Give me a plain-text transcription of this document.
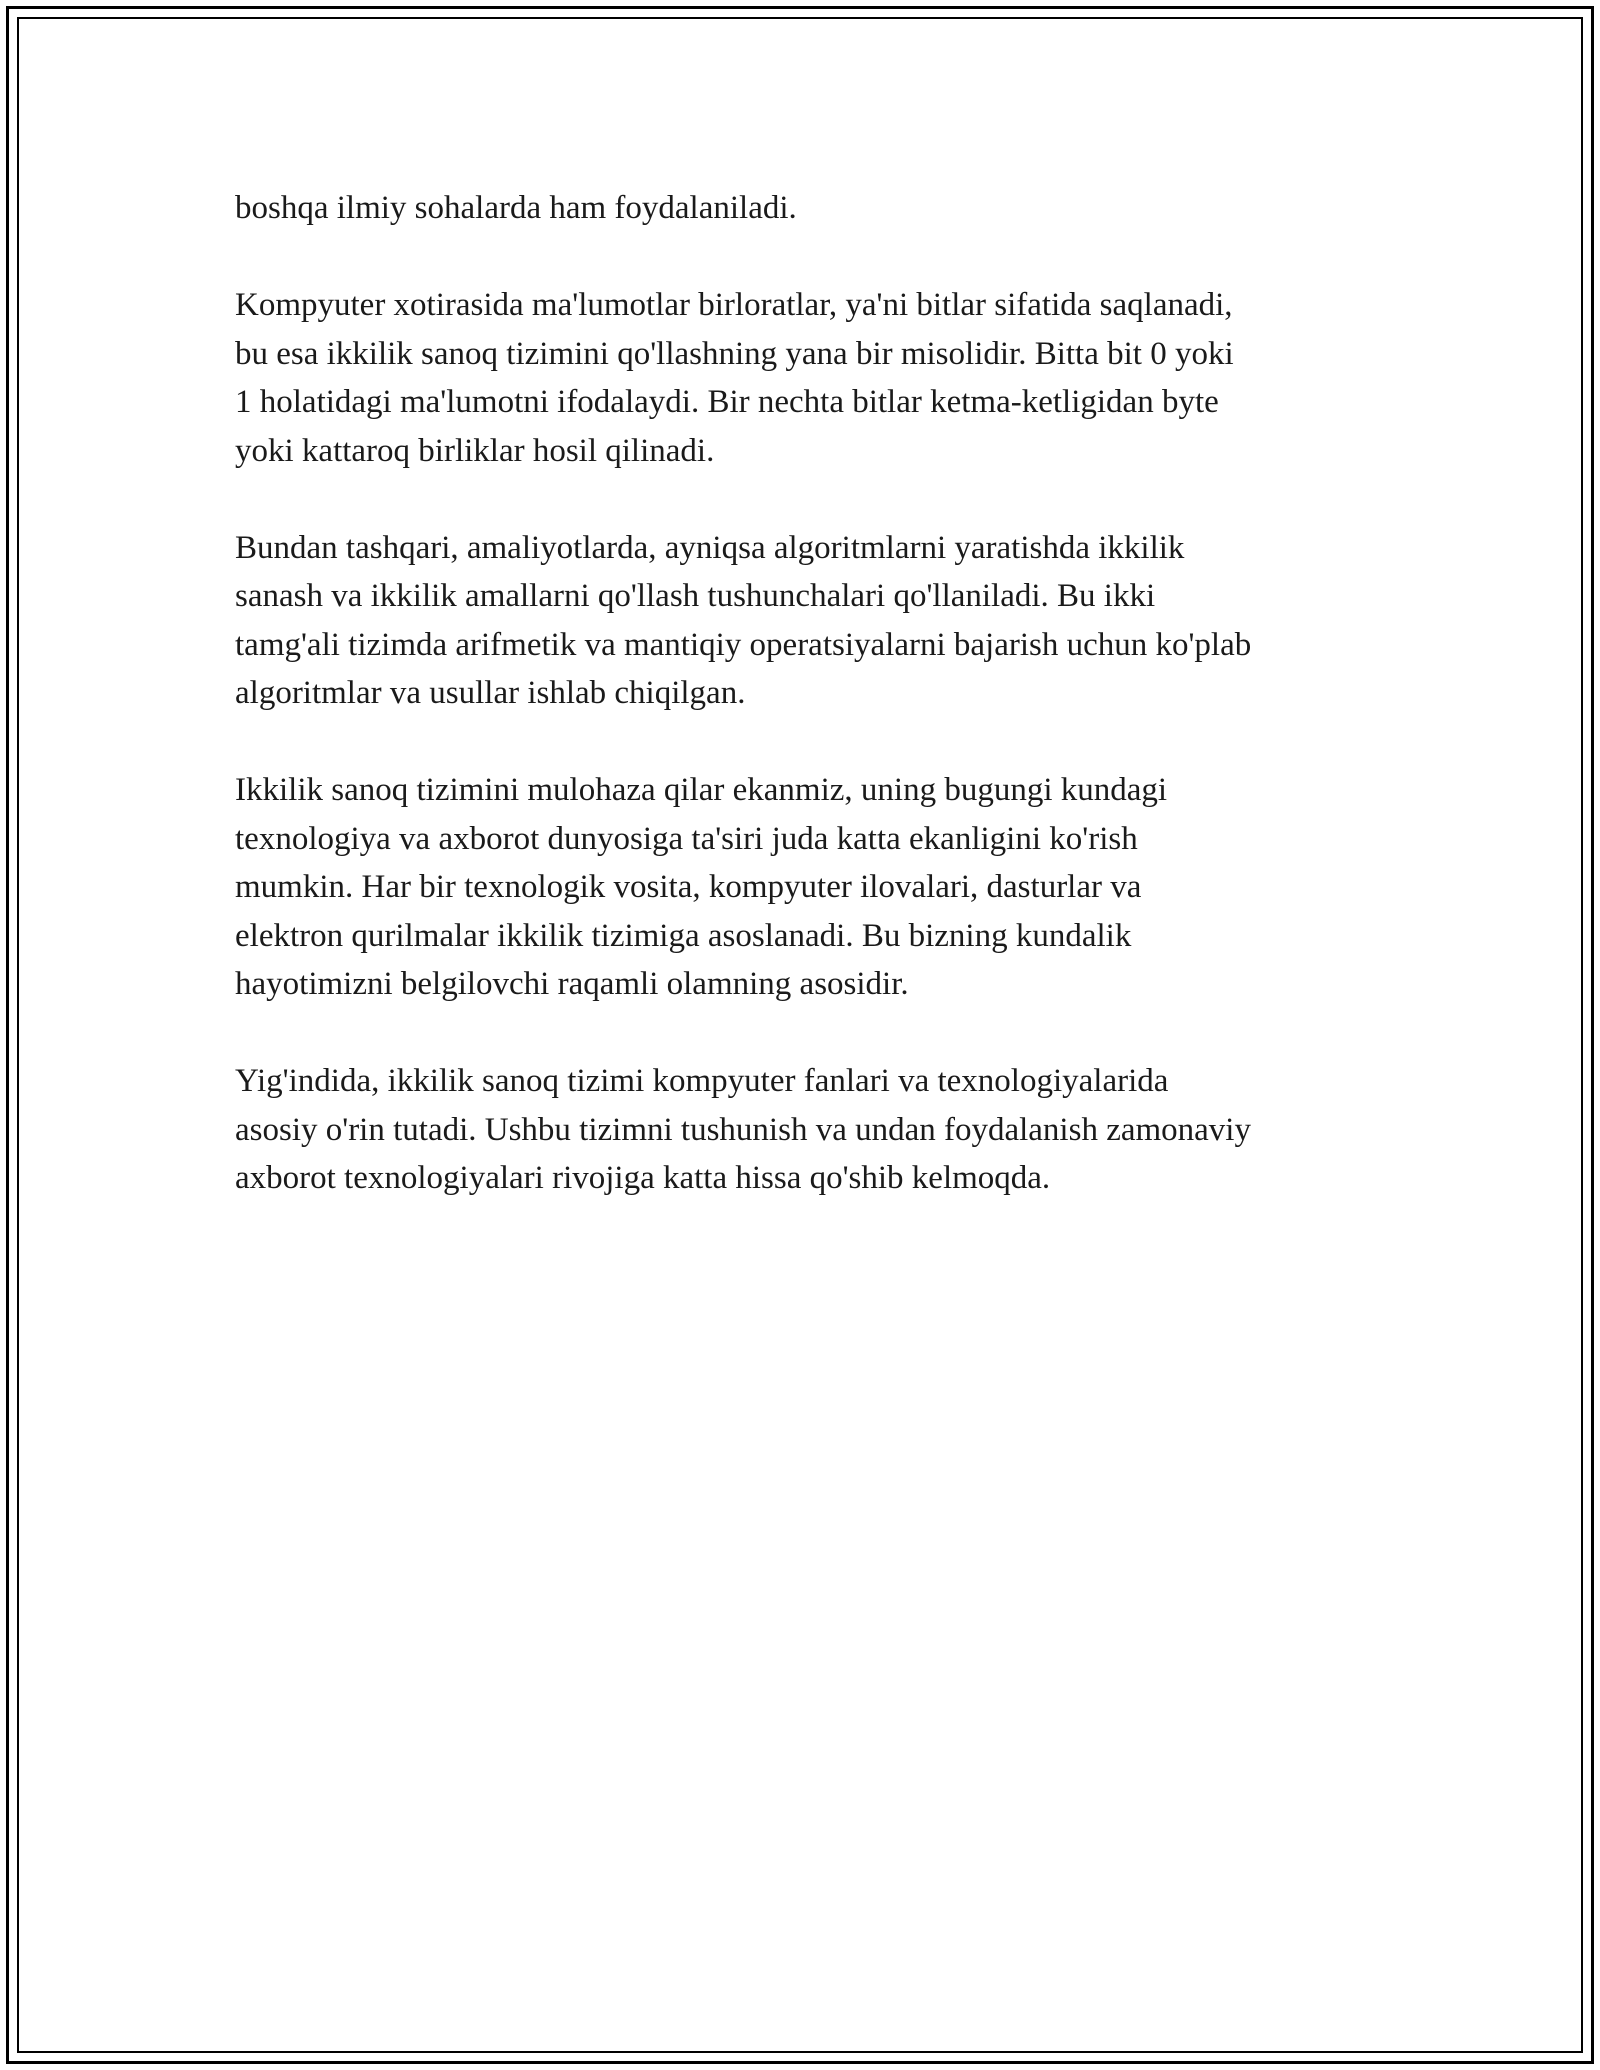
boshqa ilmiy sohalarda ham foydalaniladi.

Kompyuter xotirasida ma'lumotlar birloratlar, ya'ni bitlar sifatida saqlanadi,
bu esa ikkilik sanoq tizimini qo'llashning yana bir misolidir. Bitta bit 0 yoki
1 holatidagi ma'lumotni ifodalaydi. Bir nechta bitlar ketma-ketligidan byte
yoki kattaroq birliklar hosil qilinadi.

Bundan tashqari, amaliyotlarda, ayniqsa algoritmlarni yaratishda ikkilik
sanash va ikkilik amallarni qo'llash tushunchalari qo'llaniladi. Bu ikki
tamg'ali tizimda arifmetik va mantiqiy operatsiyalarni bajarish uchun ko'plab
algoritmlar va usullar ishlab chiqilgan.

Ikkilik sanoq tizimini mulohaza qilar ekanmiz, uning bugungi kundagi
texnologiya va axborot dunyosiga ta'siri juda katta ekanligini ko'rish
mumkin. Har bir texnologik vosita, kompyuter ilovalari, dasturlar va
elektron qurilmalar ikkilik tizimiga asoslanadi. Bu bizning kundalik
hayotimizni belgilovchi raqamli olamning asosidir.

Yig'indida, ikkilik sanoq tizimi kompyuter fanlari va texnologiyalarida
asosiy o'rin tutadi. Ushbu tizimni tushunish va undan foydalanish zamonaviy
axborot texnologiyalari rivojiga katta hissa qo'shib kelmoqda.
